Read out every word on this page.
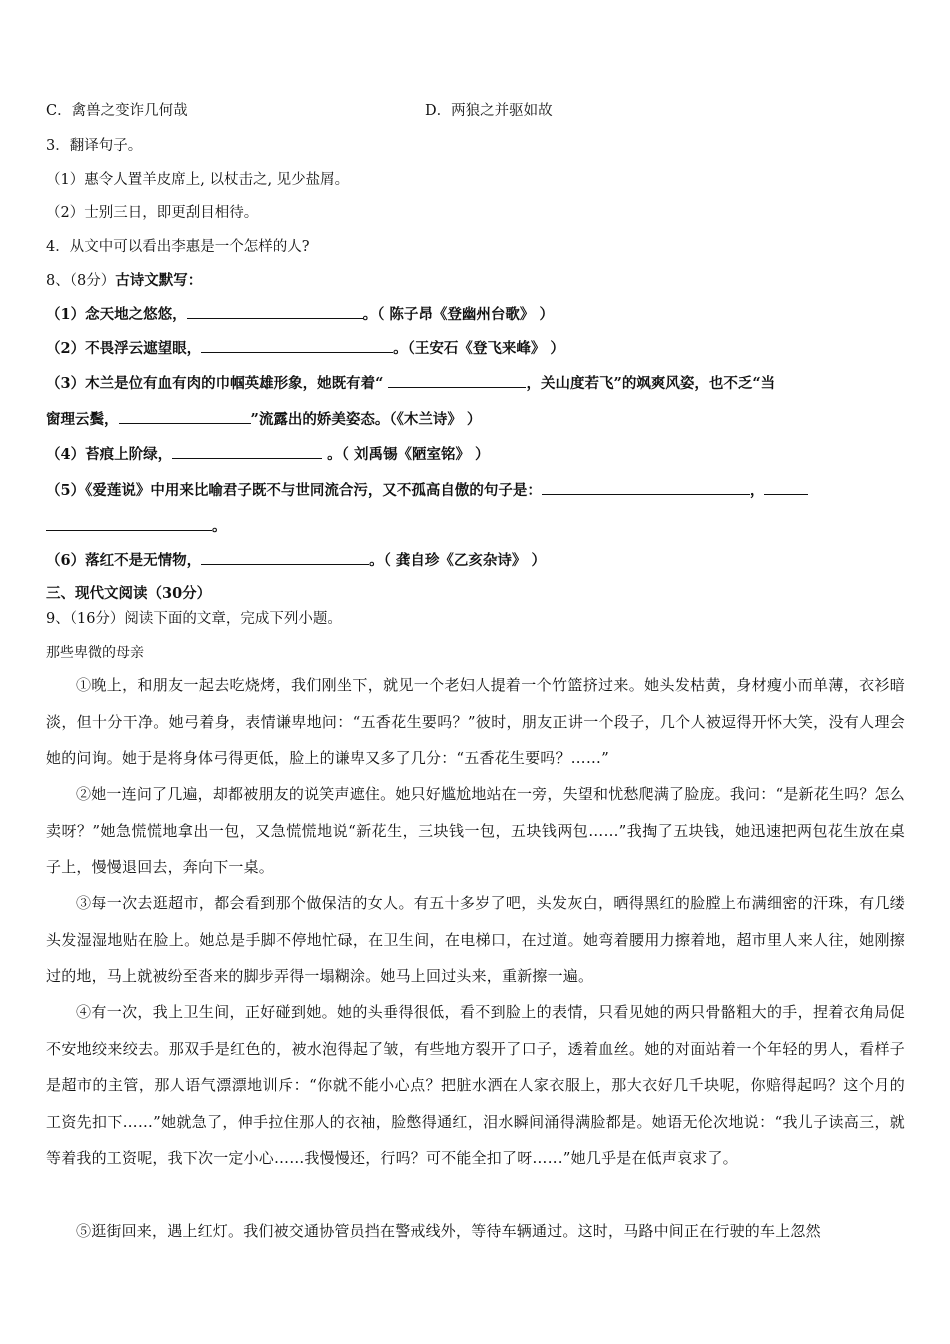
C．禽兽之变诈几何哉	D．两狼之并驱如故
3．翻译句子。
（1）惠令人置羊皮席上, 以杖击之, 见少盐屑。
（2）士别三日，即更刮目相待。
4．从文中可以看出李惠是一个怎样的人?
8、（8分）古诗文默写：
（1）念天地之悠悠，	。（ 陈子昂《登幽州台歌》 ）
（2）不畏浮云遮望眼，	。（王安石《登飞来峰》 ）
（3）木兰是位有血有肉的巾帼英雄形象，她既有着“	，关山度若飞”的飒爽风姿，也不乏“当
窗理云鬓，	”流露出的娇美姿态。（《木兰诗》 ）
（4）苔痕上阶绿，	。（ 刘禹锡《陋室铭》 ）
（5）《爱莲说》中用来比喻君子既不与世同流合污，又不孤高自傲的句子是：	，
。
（6）落红不是无情物，	。（ 龚自珍《乙亥杂诗》 ）
三、现代文阅读（30分）
9、（16分）阅读下面的文章，完成下列小题。
那些卑微的母亲
①晚上，和朋友一起去吃烧烤，我们刚坐下，就见一个老妇人提着一个竹篮挤过来。她头发枯黄，身材瘦小而单薄，衣衫暗淡，但十分干净。她弓着身，表情谦卑地问：“五香花生要吗？”彼时，朋友正讲一个段子，几个人被逗得开怀大笑，没有人理会她的问询。她于是将身体弓得更低，脸上的谦卑又多了几分：“五香花生要吗？……”
②她一连问了几遍，却都被朋友的说笑声遮住。她只好尴尬地站在一旁，失望和忧愁爬满了脸庞。我问：“是新花生吗？怎么卖呀？”她急慌慌地拿出一包，又急慌慌地说“新花生，三块钱一包，五块钱两包……”我掏了五块钱，她迅速把两包花生放在桌子上，慢慢退回去，奔向下一桌。
③每一次去逛超市，都会看到那个做保洁的女人。有五十多岁了吧，头发灰白，晒得黑红的脸膛上布满细密的汗珠，有几缕头发湿湿地贴在脸上。她总是手脚不停地忙碌，在卫生间，在电梯口，在过道。她弯着腰用力擦着地，超市里人来人往，她刚擦过的地，马上就被纷至沓来的脚步弄得一塌糊涂。她马上回过头来，重新擦一遍。
④有一次，我上卫生间，正好碰到她。她的头垂得很低，看不到脸上的表情，只看见她的两只骨骼粗大的手，捏着衣角局促不安地绞来绞去。那双手是红色的，被水泡得起了皱，有些地方裂开了口子，透着血丝。她的对面站着一个年轻的男人，看样子是超市的主管，那人语气漂漂地训斥：“你就不能小心点？把脏水洒在人家衣服上，那大衣好几千块呢，你赔得起吗？这个月的工资先扣下……”她就急了，伸手拉住那人的衣袖，脸憋得通红，泪水瞬间涌得满脸都是。她语无伦次地说：“我儿子读高三，就等着我的工资呢，我下次一定小心……我慢慢还，行吗？可不能全扣了呀……”她几乎是在低声哀求了。
⑤逛街回来，遇上红灯。我们被交通协管员挡在警戒线外，等待车辆通过。这时，马路中间正在行驶的车上忽然
